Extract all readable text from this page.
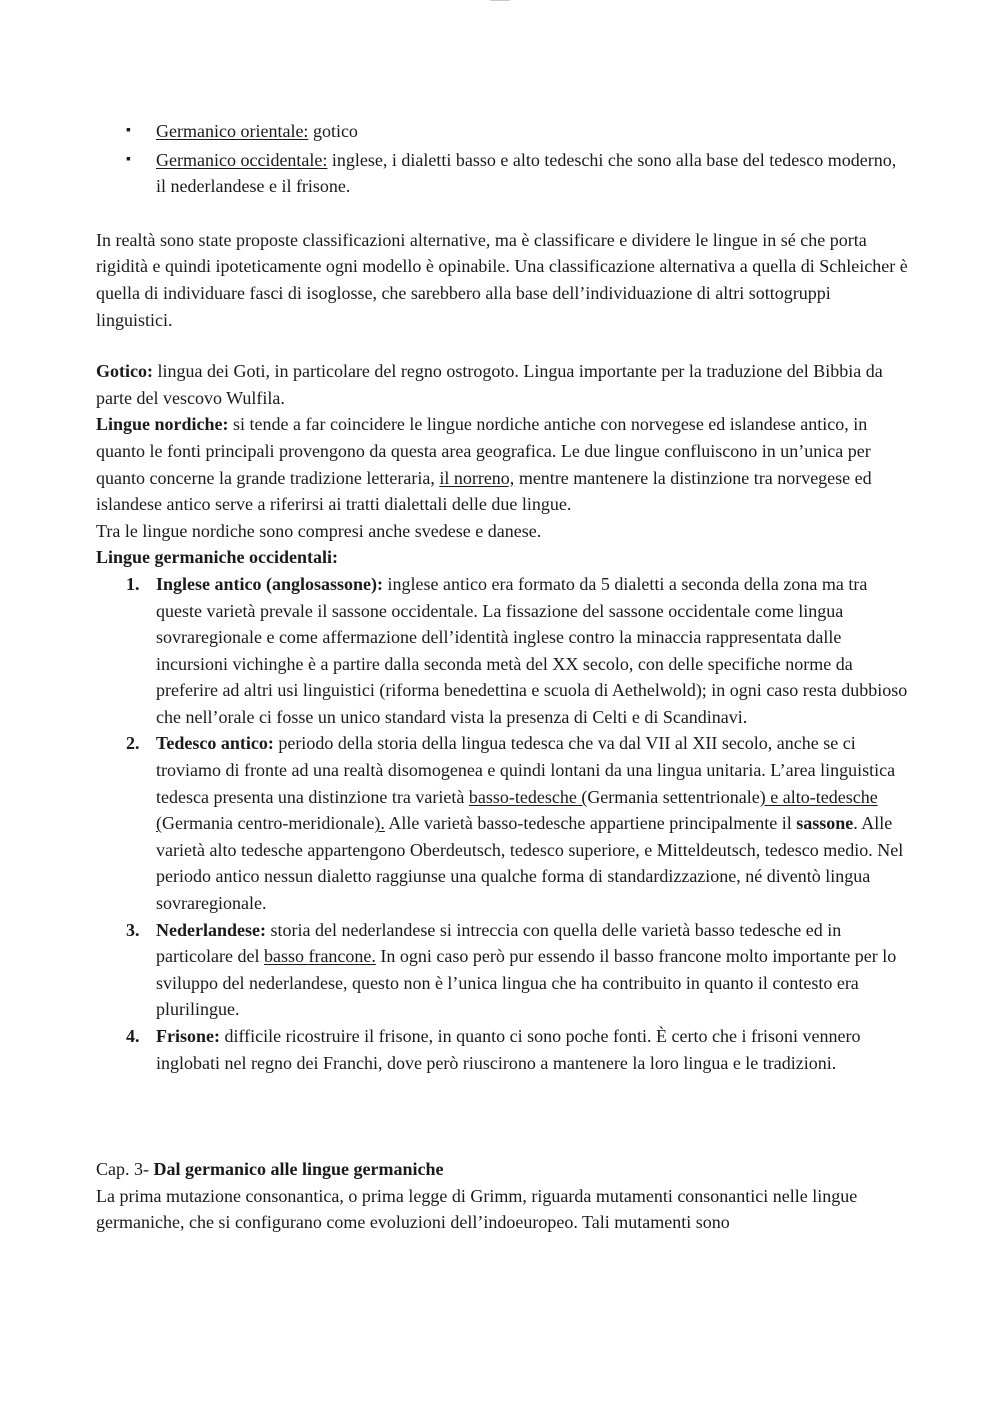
▪ Germanico orientale: gotico
▪ Germanico occidentale: inglese, i dialetti basso e alto tedeschi che sono alla base del tedesco moderno, il nederlandese e il frisone.

In realtà sono state proposte classificazioni alternative, ma è classificare e dividere le lingue in sé che porta rigidità e quindi ipoteticamente ogni modello è opinabile. Una classificazione alternativa a quella di Schleicher è quella di individuare fasci di isoglosse, che sarebbero alla base dell’individuazione di altri sottogruppi linguistici.

Gotico: lingua dei Goti, in particolare del regno ostrogoto. Lingua importante per la traduzione del Bibbia da parte del vescovo Wulfila.

Lingue nordiche: si tende a far coincidere le lingue nordiche antiche con norvegese ed islandese antico, in quanto le fonti principali provengono da questa area geografica. Le due lingue confluiscono in un’unica per quanto concerne la grande tradizione letteraria, il norreno, mentre mantenere la distinzione tra norvegese ed islandese antico serve a riferirsi ai tratti dialettali delle due lingue.

Tra le lingue nordiche sono compresi anche svedese e danese.

Lingue germaniche occidentali:

1. Inglese antico (anglosassone): inglese antico era formato da 5 dialetti a seconda della zona ma tra queste varietà prevale il sassone occidentale. La fissazione del sassone occidentale come lingua sovraregionale e come affermazione dell’identità inglese contro la minaccia rappresentata dalle incursioni vichinghe è a partire dalla seconda metà del XX secolo, con delle specifiche norme da preferire ad altri usi linguistici (riforma benedettina e scuola di Aethelwold); in ogni caso resta dubbioso che nell’orale ci fosse un unico standard vista la presenza di Celti e di Scandinavi.
2. Tedesco antico: periodo della storia della lingua tedesca che va dal VII al XII secolo, anche se ci troviamo di fronte ad una realtà disomogenea e quindi lontani da una lingua unitaria. L’area linguistica tedesca presenta una distinzione tra varietà basso-tedesche (Germania settentrionale) e alto-tedesche (Germania centro-meridionale). Alle varietà basso-tedesche appartiene principalmente il sassone. Alle varietà alto tedesche appartengono Oberdeutsch, tedesco superiore, e Mitteldeutsch, tedesco medio. Nel periodo antico nessun dialetto raggiunse una qualche forma di standardizzazione, né diventò lingua sovraregionale.
3. Nederlandese: storia del nederlandese si intreccia con quella delle varietà basso tedesche ed in particolare del basso francone. In ogni caso però pur essendo il basso francone molto importante per lo sviluppo del nederlandese, questo non è l’unica lingua che ha contribuito in quanto il contesto era plurilingue.
4. Frisone: difficile ricostruire il frisone, in quanto ci sono poche fonti. È certo che i frisoni vennero inglobati nel regno dei Franchi, dove però riuscirono a mantenere la loro lingua e le tradizioni.

Cap. 3- Dal germanico alle lingue germaniche

La prima mutazione consonantica, o prima legge di Grimm, riguarda mutamenti consonantici nelle lingue germaniche, che si configurano come evoluzioni dell’indoeuropeo. Tali mutamenti sono
